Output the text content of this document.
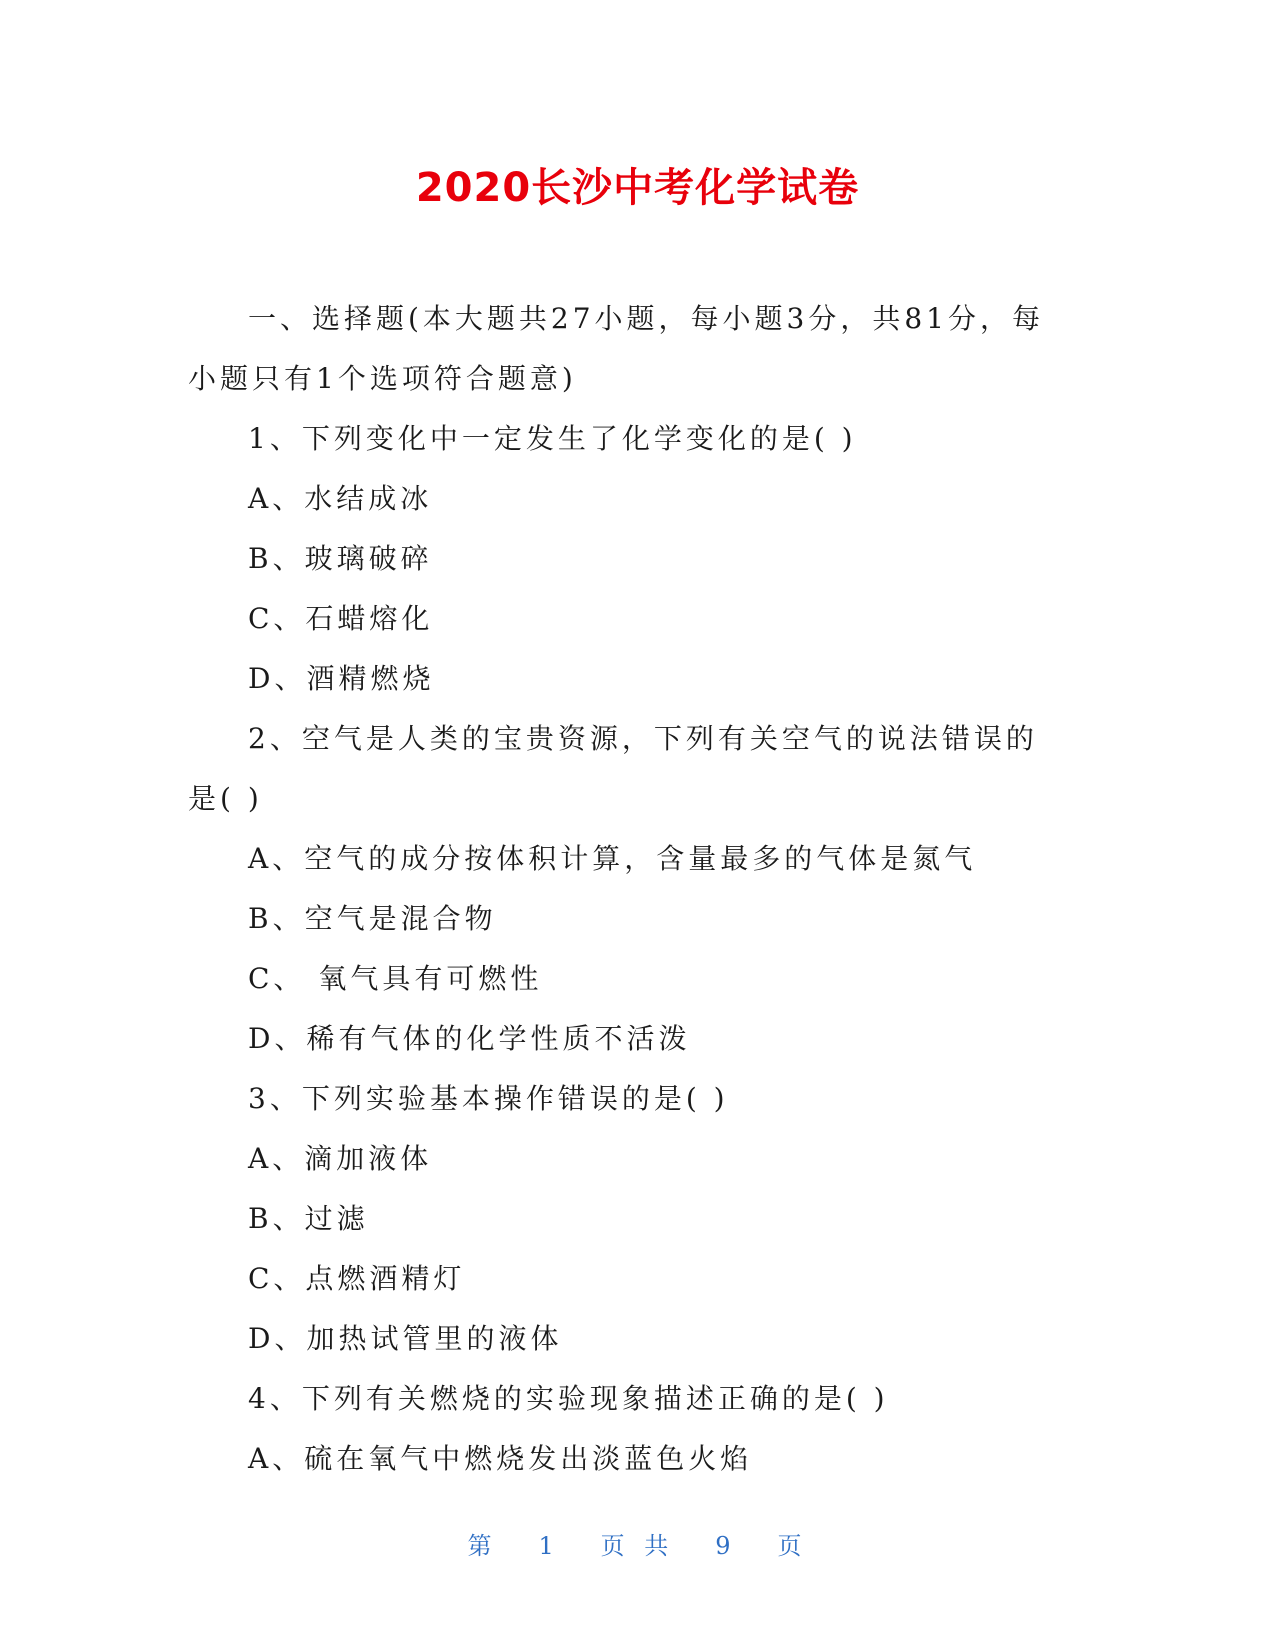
2020长沙中考化学试卷

一、选择题(本大题共27小题，每小题3分，共81分，每小题只有1个选项符合题意)

1、下列变化中一定发生了化学变化的是( )

A、水结成冰

B、玻璃破碎

C、石蜡熔化

D、酒精燃烧

2、空气是人类的宝贵资源，下列有关空气的说法错误的是( )

A、空气的成分按体积计算，含量最多的气体是氮气

B、空气是混合物

C、 氧气具有可燃性

D、稀有气体的化学性质不活泼

3、下列实验基本操作错误的是( )

A、滴加液体

B、过滤

C、点燃酒精灯

D、加热试管里的液体

4、下列有关燃烧的实验现象描述正确的是( )

A、硫在氧气中燃烧发出淡蓝色火焰

第 1 页 共 9 页
